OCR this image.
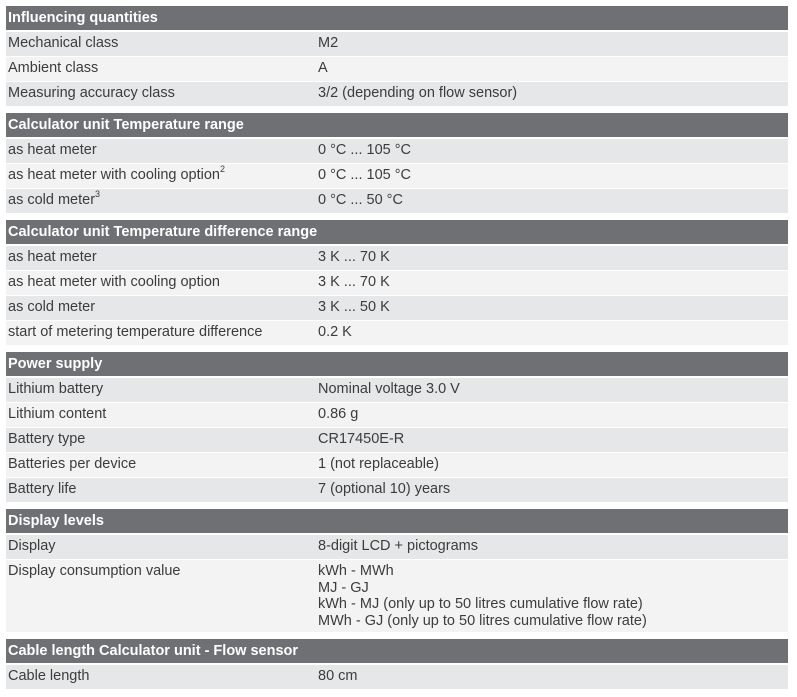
Influencing quantities
Mechanical class	M2
Ambient class	A
Measuring accuracy class	3/2 (depending on flow sensor)
Calculator unit Temperature range
as heat meter	0 °C ... 105 °C
as heat meter with cooling option$^2$	0 °C ... 105 °C
as cold meter$^3$	0 °C ... 50 °C
Calculator unit Temperature difference range
as heat meter	3 K ... 70 K
as heat meter with cooling option	3 K ... 70 K
as cold meter	3 K ... 50 K
start of metering temperature difference	0.2 K
Power supply
Lithium battery	Nominal voltage 3.0 V
Lithium content	0.86 g
Battery type	CR17450E-R
Batteries per device	1 (not replaceable)
Battery life	7 (optional 10) years
Display levels
Display	8-digit LCD + pictograms
Display consumption value	kWh - MWh
MJ - GJ
kWh - MJ (only up to 50 litres cumulative flow rate)
MWh - GJ (only up to 50 litres cumulative flow rate)
Cable length Calculator unit - Flow sensor
Cable length	80 cm
